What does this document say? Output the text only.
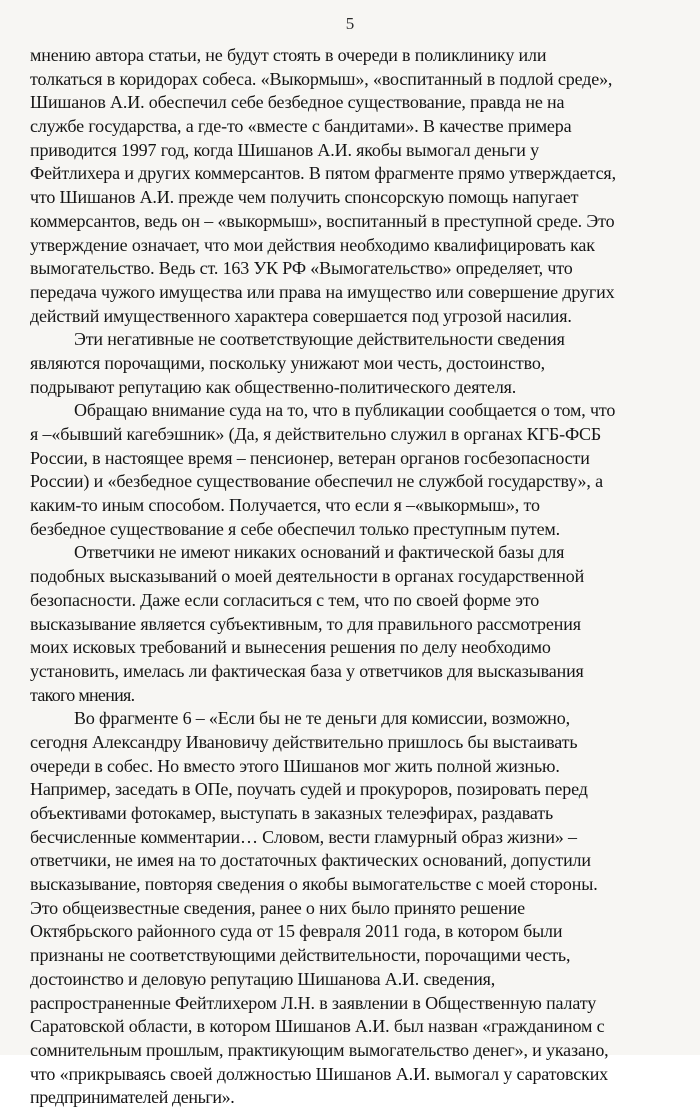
5
мнению автора статьи, не будут стоять в очереди в поликлинику или
толкаться в коридорах собеса. «Выкормыш», «воспитанный в подлой среде»,
Шишанов А.И. обеспечил себе безбедное существование, правда не на
службе государства, а где-то «вместе с бандитами». В качестве примера
приводится 1997 год, когда Шишанов А.И. якобы вымогал деньги у
Фейтлихера и других коммерсантов. В пятом фрагменте прямо утверждается,
что Шишанов А.И. прежде чем получить спонсорскую помощь напугает
коммерсантов, ведь он – «выкормыш», воспитанный в преступной среде. Это
утверждение означает, что мои действия необходимо квалифицировать как
вымогательство. Ведь ст. 163 УК РФ «Вымогательство» определяет, что
передача чужого имущества или права на имущество или совершение других
действий имущественного характера совершается под угрозой насилия.
Эти негативные не соответствующие действительности сведения
являются порочащими, поскольку унижают мои честь, достоинство,
подрывают репутацию как общественно-политического деятеля.
Обращаю внимание суда на то, что в публикации сообщается о том, что
я –«бывший кагебэшник» (Да, я действительно служил в органах КГБ-ФСБ
России, в настоящее время – пенсионер, ветеран органов госбезопасности
России) и «безбедное существование обеспечил не службой государству», а
каким-то иным способом. Получается, что если я –«выкормыш», то
безбедное существование я себе обеспечил только преступным путем.
Ответчики не имеют никаких оснований и фактической базы для
подобных высказываний о моей деятельности в органах государственной
безопасности. Даже если согласиться с тем, что по своей форме это
высказывание является субъективным, то для правильного рассмотрения
моих исковых требований и вынесения решения по делу необходимо
установить, имелась ли фактическая база у ответчиков для высказывания
такого мнения.
Во фрагменте 6 – «Если бы не те деньги для комиссии, возможно,
сегодня Александру Ивановичу действительно пришлось бы выстаивать
очереди в собес. Но вместо этого Шишанов мог жить полной жизнью.
Например, заседать в ОПе, поучать судей и прокуроров, позировать перед
объективами фотокамер, выступать в заказных телеэфирах, раздавать
бесчисленные комментарии… Словом, вести гламурный образ жизни» –
ответчики, не имея на то достаточных фактических оснований, допустили
высказывание, повторяя сведения о якобы вымогательстве с моей стороны.
Это общеизвестные сведения, ранее о них было принято решение
Октябрьского районного суда от 15 февраля 2011 года, в котором были
признаны не соответствующими действительности, порочащими честь,
достоинство и деловую репутацию Шишанова А.И. сведения,
распространенные Фейтлихером Л.Н. в заявлении в Общественную палату
Саратовской области, в котором Шишанов А.И. был назван «гражданином с
сомнительным прошлым, практикующим вымогательство денег», и указано,
что «прикрываясь своей должностью Шишанов А.И. вымогал у саратовских
предпринимателей деньги».
